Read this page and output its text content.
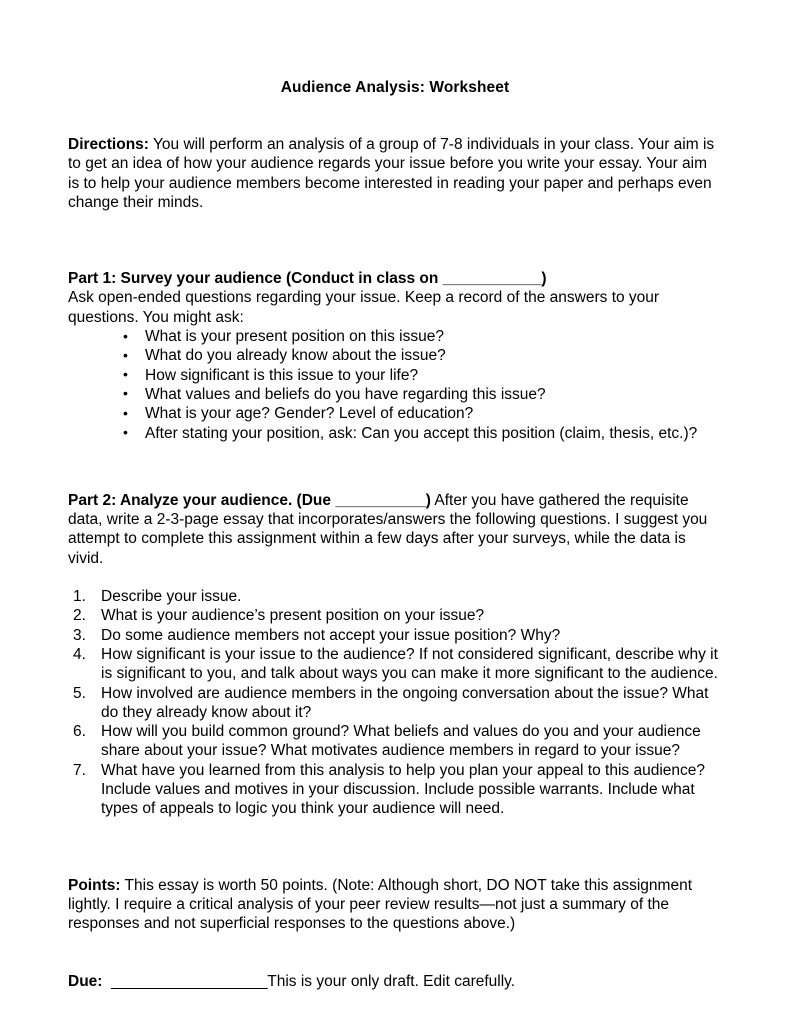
Audience Analysis: Worksheet

Directions: You will perform an analysis of a group of 7-8 individuals in your class. Your aim is to get an idea of how your audience regards your issue before you write your essay. Your aim is to help your audience members become interested in reading your paper and perhaps even change their minds.

Part 1: Survey your audience (Conduct in class on ____________)

Ask open-ended questions regarding your issue. Keep a record of the answers to your questions. You might ask:

• What is your present position on this issue?
• What do you already know about the issue?
• How significant is this issue to your life?
• What values and beliefs do you have regarding this issue?
• What is your age? Gender? Level of education?
• After stating your position, ask: Can you accept this position (claim, thesis, etc.)?

Part 2: Analyze your audience. (Due ___________) After you have gathered the requisite data, write a 2-3-page essay that incorporates/answers the following questions. I suggest you attempt to complete this assignment within a few days after your surveys, while the data is vivid.

Describe your issue.
What is your audience’s present position on your issue?
Do some audience members not accept your issue position? Why?
How significant is your issue to the audience? If not considered significant, describe why it is significant to you, and talk about ways you can make it more significant to the audience.
How involved are audience members in the ongoing conversation about the issue? What do they already know about it?
How will you build common ground? What beliefs and values do you and your audience share about your issue? What motivates audience members in regard to your issue?
What have you learned from this analysis to help you plan your appeal to this audience? Include values and motives in your discussion. Include possible warrants. Include what types of appeals to logic you think your audience will need.

Points: This essay is worth 50 points. (Note: Although short, DO NOT take this assignment lightly. I require a critical analysis of your peer review results—not just a summary of the responses and not superficial responses to the questions above.)

Due: ___________________This is your only draft. Edit carefully.
